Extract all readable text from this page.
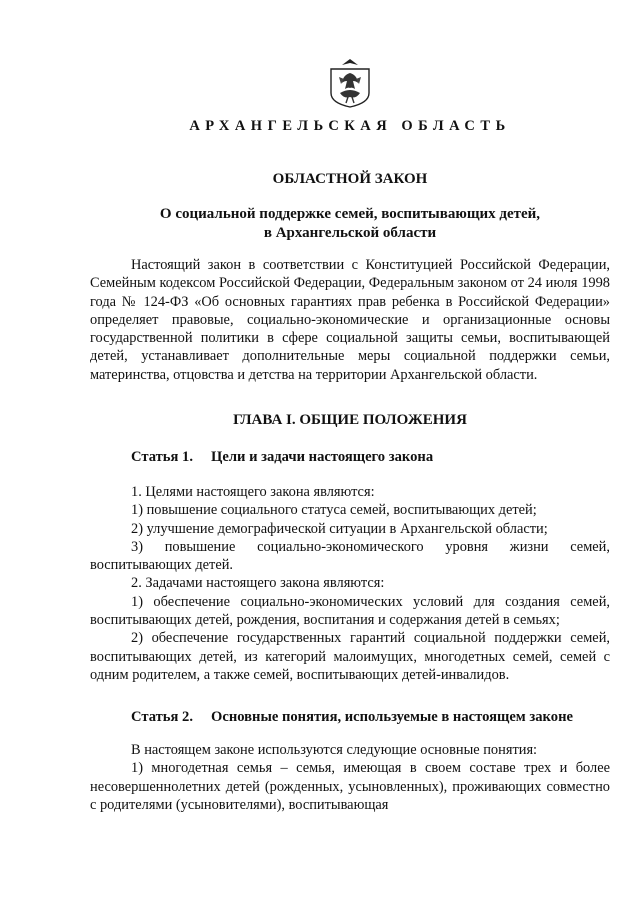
АРХАНГЕЛЬСКАЯ ОБЛАСТЬ
ОБЛАСТНОЙ ЗАКОН
О социальной поддержке семей, воспитывающих детей,
в Архангельской области

Настоящий закон в соответствии с Конституцией Российской Федерации, Семейным кодексом Российской Федерации, Федеральным законом от 24 июля 1998 года № 124-ФЗ «Об основных гарантиях прав ребенка в Российской Федерации» определяет правовые, социально-экономические и организационные основы государственной политики в сфере социальной защиты семьи, воспитывающей детей, устанавливает дополнительные меры социальной поддержки семьи, материнства, отцовства и детства на территории Архангельской области.

ГЛАВА I. ОБЩИЕ ПОЛОЖЕНИЯ
Статья 1. Цели и задачи настоящего закона

1. Целями настоящего закона являются:

1) повышение социального статуса семей, воспитывающих детей;

2) улучшение демографической ситуации в Архангельской области;

3) повышение социально-экономического уровня жизни семей, воспитывающих детей.

2. Задачами настоящего закона являются:

1) обеспечение социально-экономических условий для создания семей, воспитывающих детей, рождения, воспитания и содержания детей в семьях;

2) обеспечение государственных гарантий социальной поддержки семей, воспитывающих детей, из категорий малоимущих, многодетных семей, семей с одним родителем, а также семей, воспитывающих детей-инвалидов.

Статья 2. Основные понятия, используемые в настоящем законе

В настоящем законе используются следующие основные понятия:

1) многодетная семья – семья, имеющая в своем составе трех и более несовершеннолетних детей (рожденных, усыновленных), проживающих совместно с родителями (усыновителями), воспитывающая
